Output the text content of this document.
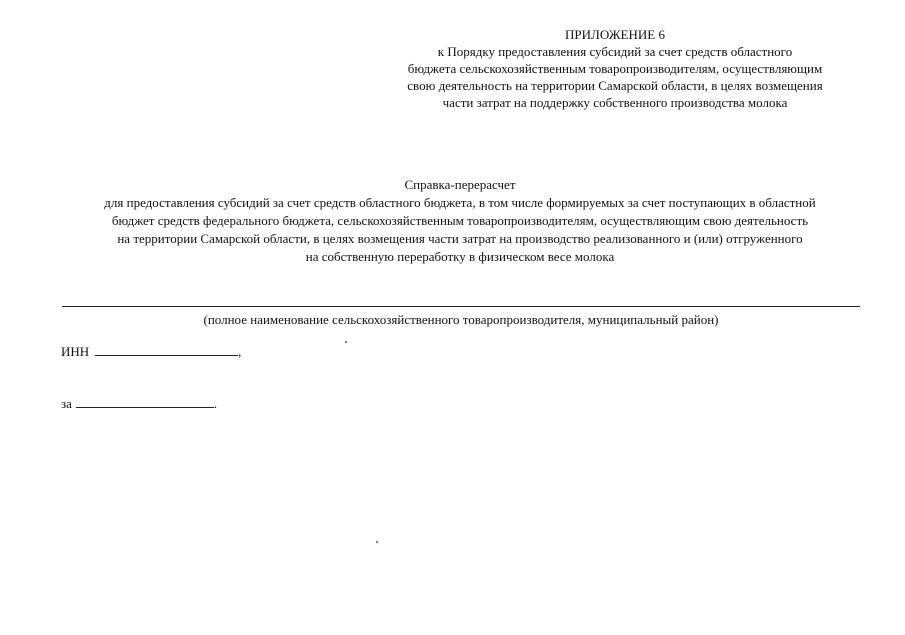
ПРИЛОЖЕНИЕ 6
к Порядку предоставления субсидий за счет средств областного
бюджета сельскохозяйственным товаропроизводителям, осуществляющим
свою деятельность на территории Самарской области, в целях возмещения
части затрат на поддержку собственного производства молока
Справка-перерасчет
для предоставления субсидий за счет средств областного бюджета, в том числе формируемых за счет поступающих в областной
бюджет средств федерального бюджета, сельскохозяйственным товаропроизводителям, осуществляющим свою деятельность
на территории Самарской области, в целях возмещения части затрат на производство реализованного и (или) отгруженного
на собственную переработку в физическом весе молока
(полное наименование сельскохозяйственного товаропроизводителя, муниципальный район)
ИНН	,
за	.
